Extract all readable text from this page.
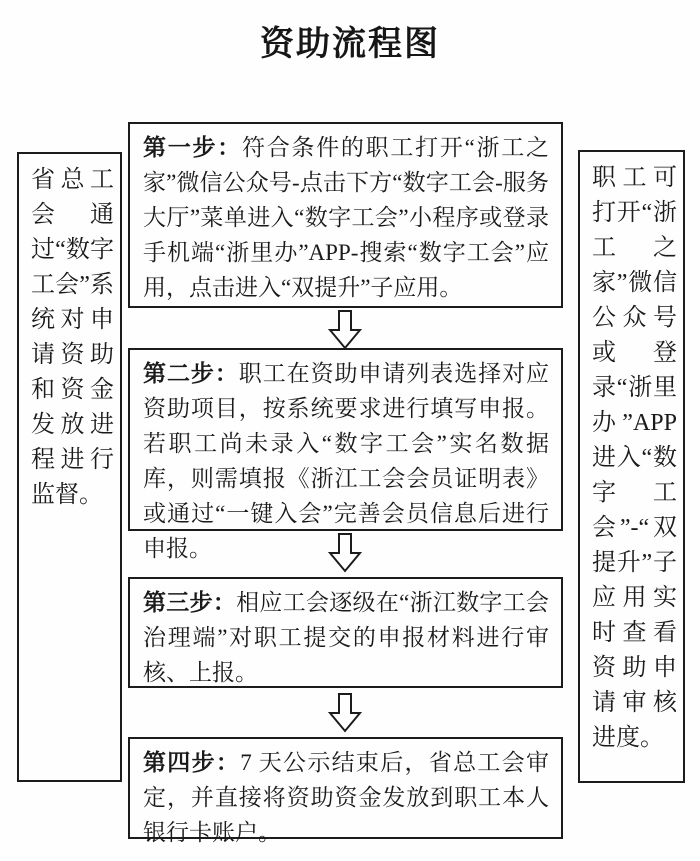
资助流程图
省总工会通过“数字工会”系统对申请资助和资金发放进程进行监督。
职工可打开“浙工之家”微信公众号或登录“浙里办”APP 进入“数字工会”-“双提升”子应用实时查看资助申请审核进度。
第一步：符合条件的职工打开“浙工之家”微信公众号-点击下方“数字工会-服务大厅”菜单进入“数字工会”小程序或登录手机端“浙里办”APP-搜索“数字工会”应用，点击进入“双提升”子应用。
第二步：职工在资助申请列表选择对应资助项目，按系统要求进行填写申报。若职工尚未录入“数字工会”实名数据库，则需填报《浙江工会会员证明表》或通过“一键入会”完善会员信息后进行申报。
第三步：相应工会逐级在“浙江数字工会治理端”对职工提交的申报材料进行审核、上报。
第四步：7 天公示结束后，省总工会审定，并直接将资助资金发放到职工本人银行卡账户。
